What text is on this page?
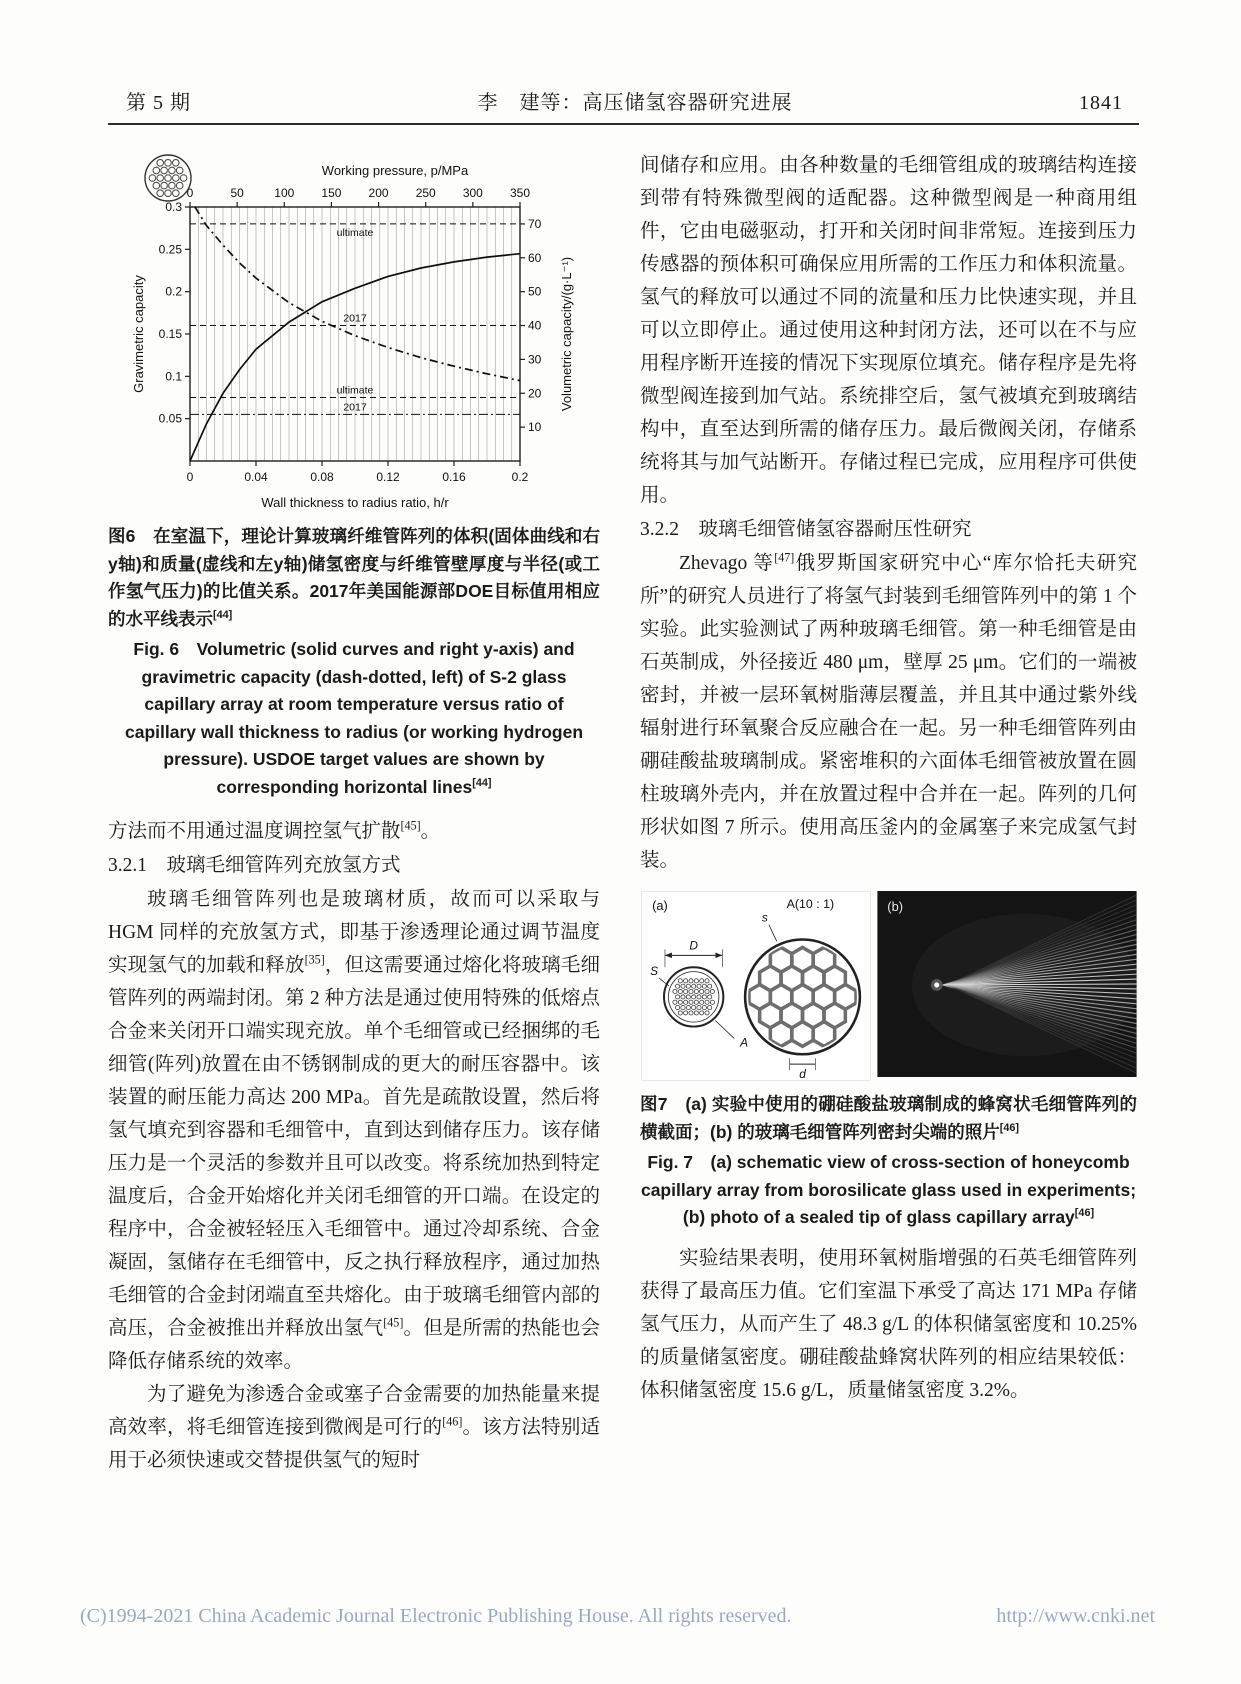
第 5 期	李　建等：高压储氢容器研究进展	1841
ultimate
2017
ultimate
2017
0	0.04	0.08	0.12	0.16	0.2
0	50	100 150 200 250 300 350
0.05
0.1
0.15
0.2
0.25
0.3
10
20
30
40
50
60
70
Working pressure, p/MPa
Wall thickness to radius ratio, h/r
Gravimetric capacity	Volumetric capacity/(g·L⁻¹)
图6　在室温下，理论计算玻璃纤维管阵列的体积(固体曲线和右y轴)和质量(虚线和左y轴)储氢密度与纤维管壁厚度与半径(或工作氢气压力)的比值关系。2017年美国能源部DOE目标值用相应的水平线表示[44]
Fig. 6　Volumetric (solid curves and right y-axis) and gravimetric capacity (dash-dotted, left) of S-2 glass capillary array at room temperature versus ratio of capillary wall thickness to radius (or working hydrogen pressure). USDOE target values are shown by corresponding horizontal lines[44]

方法而不用通过温度调控氢气扩散[45]。

3.2.1　玻璃毛细管阵列充放氢方式

玻璃毛细管阵列也是玻璃材质，故而可以采取与 HGM 同样的充放氢方式，即基于渗透理论通过调节温度实现氢气的加载和释放[35]，但这需要通过熔化将玻璃毛细管阵列的两端封闭。第 2 种方法是通过使用特殊的低熔点合金来关闭开口端实现充放。单个毛细管或已经捆绑的毛细管(阵列)放置在由不锈钢制成的更大的耐压容器中。该装置的耐压能力高达 200 MPa。首先是疏散设置，然后将氢气填充到容器和毛细管中，直到达到储存压力。该存储压力是一个灵活的参数并且可以改变。将系统加热到特定温度后，合金开始熔化并关闭毛细管的开口端。在设定的程序中，合金被轻轻压入毛细管中。通过冷却系统、合金凝固，氢储存在毛细管中，反之执行释放程序，通过加热毛细管的合金封闭端直至共熔化。由于玻璃毛细管内部的高压，合金被推出并释放出氢气[45]。但是所需的热能也会降低存储系统的效率。

为了避免为渗透合金或塞子合金需要的加热能量来提高效率，将毛细管连接到微阀是可行的[46]。该方法特别适用于必须快速或交替提供氢气的短时

间储存和应用。由各种数量的毛细管组成的玻璃结构连接到带有特殊微型阀的适配器。这种微型阀是一种商用组件，它由电磁驱动，打开和关闭时间非常短。连接到压力传感器的预体积可确保应用所需的工作压力和体积流量。氢气的释放可以通过不同的流量和压力比快速实现，并且可以立即停止。通过使用这种封闭方法，还可以在不与应用程序断开连接的情况下实现原位填充。储存程序是先将微型阀连接到加气站。系统排空后，氢气被填充到玻璃结构中，直至达到所需的储存压力。最后微阀关闭，存储系统将其与加气站断开。存储过程已完成，应用程序可供使用。

3.2.2　玻璃毛细管储氢容器耐压性研究

Zhevago 等[47]俄罗斯国家研究中心“库尔恰托夫研究所”的研究人员进行了将氢气封装到毛细管阵列中的第 1 个实验。此实验测试了两种玻璃毛细管。第一种毛细管是由石英制成，外径接近 480 μm，壁厚 25 μm。它们的一端被密封，并被一层环氧树脂薄层覆盖，并且其中通过紫外线辐射进行环氧聚合反应融合在一起。另一种毛细管阵列由硼硅酸盐玻璃制成。紧密堆积的六面体毛细管被放置在圆柱玻璃外壳内，并在放置过程中合并在一起。阵列的几何形状如图 7 所示。使用高压釜内的金属塞子来完成氢气封装。

(a)
D
S
A
A(10 : 1)
s
d
(b)
图7　(a) 实验中使用的硼硅酸盐玻璃制成的蜂窝状毛细管阵列的横截面；(b) 的玻璃毛细管阵列密封尖端的照片[46]
Fig. 7　(a) schematic view of cross-section of honeycomb capillary array from borosilicate glass used in experiments; (b) photo of a sealed tip of glass capillary array[46]

实验结果表明，使用环氧树脂增强的石英毛细管阵列获得了最高压力值。它们室温下承受了高达 171 MPa 存储氢气压力，从而产生了 48.3 g/L 的体积储氢密度和 10.25%的质量储氢密度。硼硅酸盐蜂窝状阵列的相应结果较低：体积储氢密度 15.6 g/L，质量储氢密度 3.2%。

(C)1994-2021 China Academic Journal Electronic Publishing House. All rights reserved.	http://www.cnki.net
